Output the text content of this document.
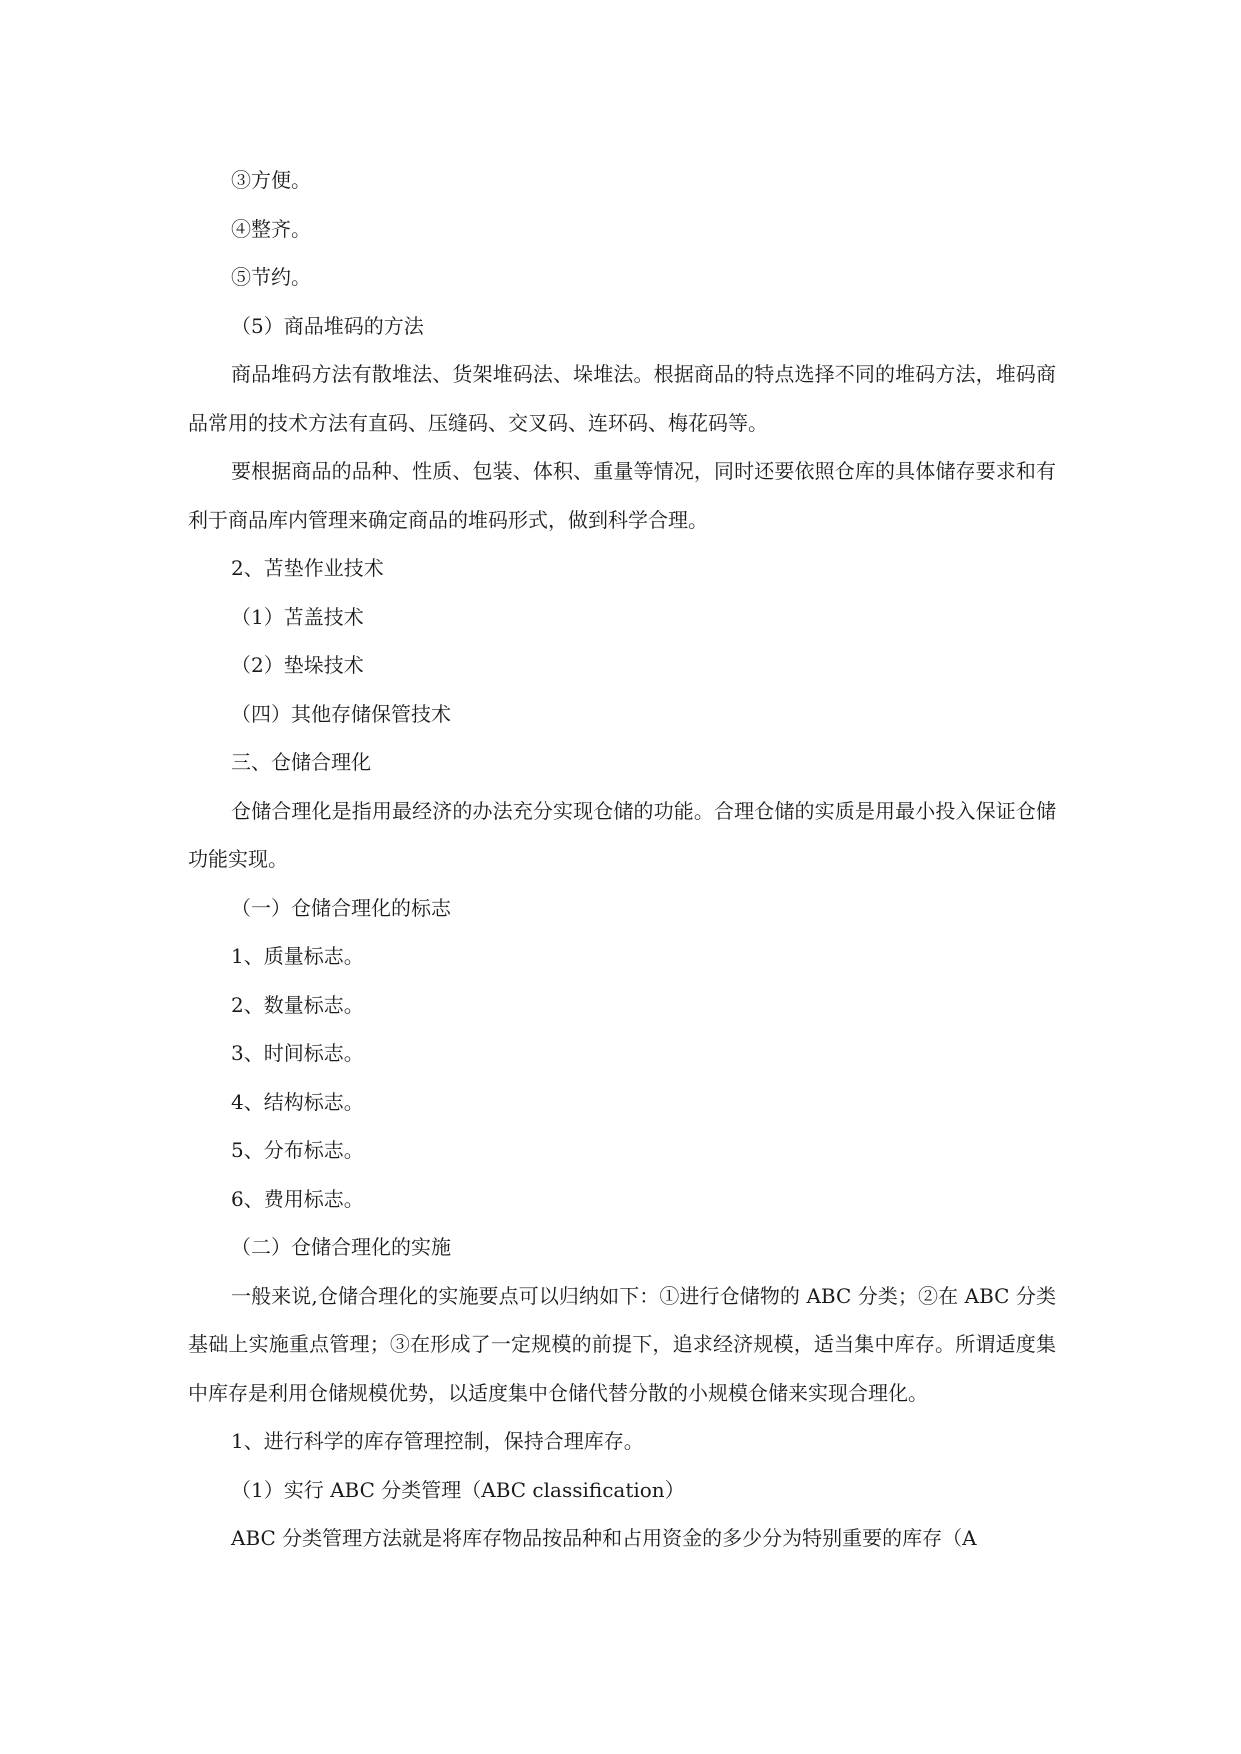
③方便。

④整齐。

⑤节约。

（5）商品堆码的方法

商品堆码方法有散堆法、货架堆码法、垛堆法。根据商品的特点选择不同的堆码方法，堆码商品常用的技术方法有直码、压缝码、交叉码、连环码、梅花码等。

要根据商品的品种、性质、包装、体积、重量等情况，同时还要依照仓库的具体储存要求和有利于商品库内管理来确定商品的堆码形式，做到科学合理。

2、苫垫作业技术

（1）苫盖技术

（2）垫垛技术

（四）其他存储保管技术

三、仓储合理化

仓储合理化是指用最经济的办法充分实现仓储的功能。合理仓储的实质是用最小投入保证仓储功能实现。

（一）仓储合理化的标志

1、质量标志。

2、数量标志。

3、时间标志。

4、结构标志。

5、分布标志。

6、费用标志。

（二）仓储合理化的实施

一般来说,仓储合理化的实施要点可以归纳如下：①进行仓储物的 ABC 分类；②在 ABC 分类基础上实施重点管理；③在形成了一定规模的前提下，追求经济规模，适当集中库存。所谓适度集中库存是利用仓储规模优势，以适度集中仓储代替分散的小规模仓储来实现合理化。

1、进行科学的库存管理控制，保持合理库存。

（1）实行 ABC 分类管理（ABC classification）

ABC 分类管理方法就是将库存物品按品种和占用资金的多少分为特别重要的库存（A
